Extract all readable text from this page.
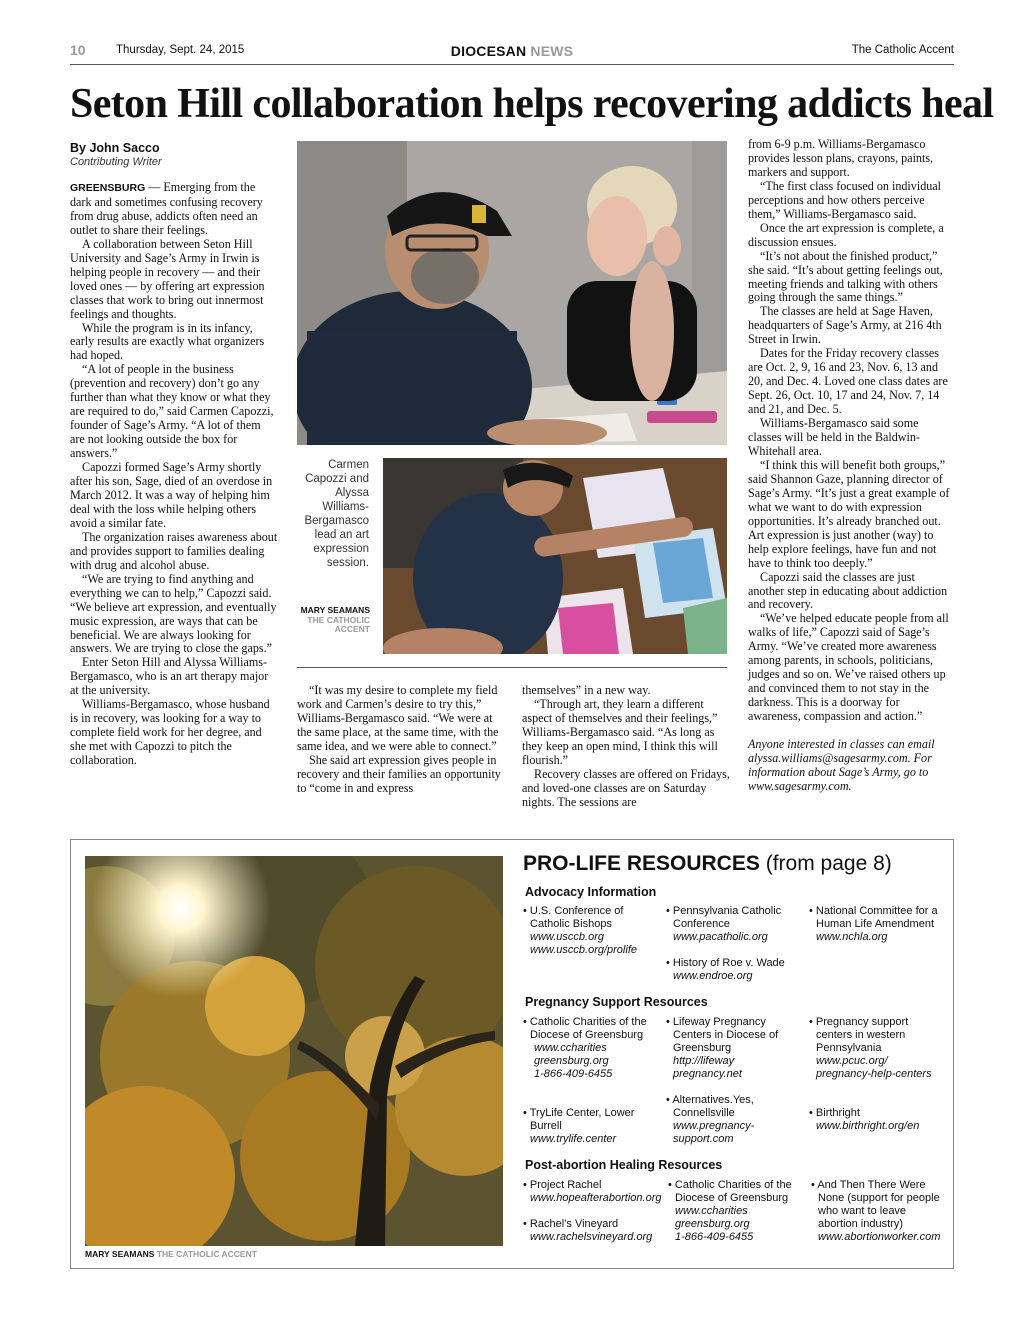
10	Thursday, Sept. 24, 2015	DIOCESAN NEWS	The Catholic Accent
Seton Hill collaboration helps recovering addicts heal
By John Sacco
Contributing Writer

GREENSBURG — Emerging from the dark and sometimes confusing recovery from drug abuse, addicts often need an outlet to share their feelings.

A collaboration between Seton Hill University and Sage’s Army in Irwin is helping people in recovery — and their loved ones — by offering art expression classes that work to bring out innermost feelings and thoughts.

While the program is in its infancy, early results are exactly what organizers had hoped.

“A lot of people in the business (prevention and recovery) don’t go any further than what they know or what they are required to do,” said Carmen Capozzi, founder of Sage’s Army. “A lot of them are not looking outside the box for answers.”

Capozzi formed Sage’s Army shortly after his son, Sage, died of an overdose in March 2012. It was a way of helping him deal with the loss while helping others avoid a similar fate.

The organization raises awareness about and provides support to families dealing with drug and alcohol abuse.

“We are trying to find anything and everything we can to help,” Capozzi said. “We believe art expression, and eventually music expression, are ways that can be beneficial. We are always looking for answers. We are trying to close the gaps.”

Enter Seton Hill and Alyssa Williams-Bergamasco, who is an art therapy major at the university.

Williams-Bergamasco, whose husband is in recovery, was looking for a way to complete field work for her degree, and she met with Capozzi to pitch the collaboration.

Carmen Capozzi and Alyssa Williams-Bergamasco lead an art expression session.
MARY SEAMANS
THE CATHOLIC ACCENT

“It was my desire to complete my field work and Carmen’s desire to try this,” Williams-Bergamasco said. “We were at the same place, at the same time, with the same idea, and we were able to connect.”

She said art expression gives people in recovery and their families an opportunity to “come in and express

themselves” in a new way.

“Through art, they learn a different aspect of themselves and their feelings,” Williams-Bergamasco said. “As long as they keep an open mind, I think this will flourish.”

Recovery classes are offered on Fridays, and loved-one classes are on Saturday nights. The sessions are

from 6-9 p.m. Williams-Bergamasco provides lesson plans, crayons, paints, markers and support.

“The first class focused on individual perceptions and how others perceive them,” Williams-Bergamasco said.

Once the art expression is complete, a discussion ensues.

“It’s not about the finished product,” she said. “It’s about getting feelings out, meeting friends and talking with others going through the same things.”

The classes are held at Sage Haven, headquarters of Sage’s Army, at 216 4th Street in Irwin.

Dates for the Friday recovery classes are Oct. 2, 9, 16 and 23, Nov. 6, 13 and 20, and Dec. 4. Loved one class dates are Sept. 26, Oct. 10, 17 and 24, Nov. 7, 14 and 21, and Dec. 5.

Williams-Bergamasco said some classes will be held in the Baldwin-Whitehall area.

“I think this will benefit both groups,” said Shannon Gaze, planning director of Sage’s Army. “It’s just a great example of what we want to do with expression opportunities. It’s already branched out. Art expression is just another (way) to help explore feelings, have fun and not have to think too deeply.”

Capozzi said the classes are just another step in educating about addiction and recovery.

“We’ve helped educate people from all walks of life,” Capozzi said of Sage’s Army. “We’ve created more awareness among parents, in schools, politicians, judges and so on. We’ve raised others up and convinced them to not stay in the darkness. This is a doorway for awareness, compassion and action.”

Anyone interested in classes can email alyssa.williams@sagesarmy.com. For information about Sage’s Army, go to www.sagesarmy.com.

MARY SEAMANS THE CATHOLIC ACCENT
PRO-LIFE RESOURCES (from page 8)
Advocacy Information
• U.S. Conference of Catholic Bishops
www.usccb.org
www.usccb.org/prolife
• Pennsylvania Catholic Conference
www.pacatholic.org
• National Committee for a Human Life Amendment
www.nchla.org
• History of Roe v. Wade
www.endroe.org
Pregnancy Support Resources
• Catholic Charities of the Diocese of Greensburg
www.ccharities greensburg.org
1-866-409-6455
• Lifeway Pregnancy Centers in Diocese of Greensburg
http://lifeway pregnancy.net
• Pregnancy support centers in western Pennsylvania
www.pcuc.org/ pregnancy-help-centers
• TryLife Center, Lower Burrell
www.trylife.center
• Alternatives.Yes, Connellsville
www.pregnancy-support.com
• Birthright
www.birthright.org/en
Post-abortion Healing Resources
• Project Rachel
www.hopeafterabortion.org
• Catholic Charities of the Diocese of Greensburg
www.ccharities greensburg.org
1-866-409-6455
• And Then There Were None (support for people who want to leave abortion industry)
www.abortionworker.com
• Rachel’s Vineyard
www.rachelsvineyard.org
